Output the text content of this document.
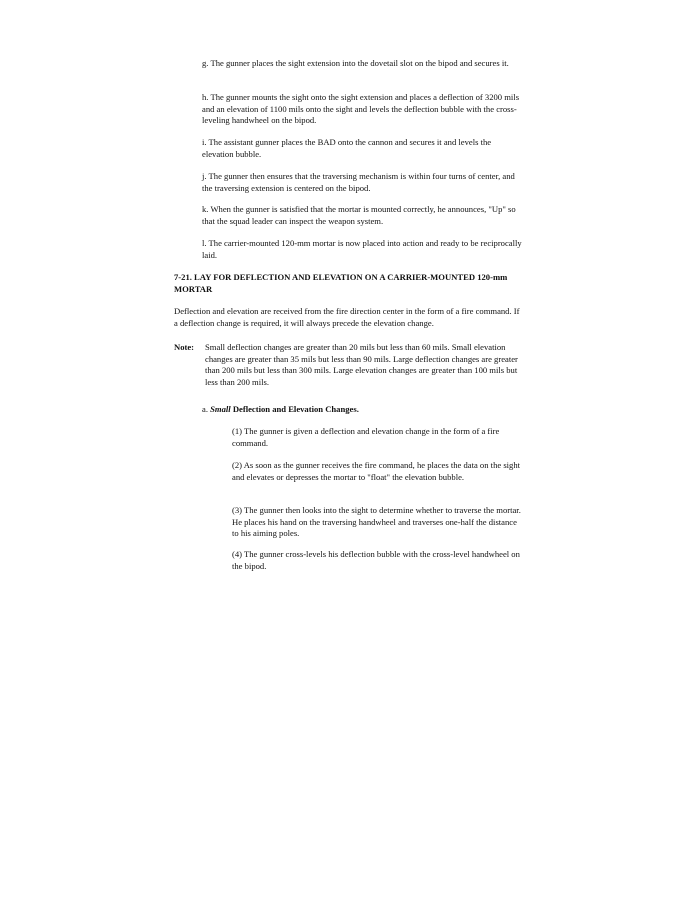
g. The gunner places the sight extension into the dovetail slot on the bipod and secures it.

h. The gunner mounts the sight onto the sight extension and places a deflection of 3200 mils and an elevation of 1100 mils onto the sight and levels the deflection bubble with the cross-leveling handwheel on the bipod.

i. The assistant gunner places the BAD onto the cannon and secures it and levels the elevation bubble.

j. The gunner then ensures that the traversing mechanism is within four turns of center, and the traversing extension is centered on the bipod.

k. When the gunner is satisfied that the mortar is mounted correctly, he announces, "Up" so that the squad leader can inspect the weapon system.

l. The carrier-mounted 120-mm mortar is now placed into action and ready to be reciprocally laid.

7-21. LAY FOR DEFLECTION AND ELEVATION ON A CARRIER-MOUNTED 120-mm MORTAR

Deflection and elevation are received from the fire direction center in the form of a fire command. If a deflection change is required, it will always precede the elevation change.

Note: Small deflection changes are greater than 20 mils but less than 60 mils. Small elevation changes are greater than 35 mils but less than 90 mils. Large deflection changes are greater than 200 mils but less than 300 mils. Large elevation changes are greater than 100 mils but less than 200 mils.

a. Small Deflection and Elevation Changes.

(1) The gunner is given a deflection and elevation change in the form of a fire command.

(2) As soon as the gunner receives the fire command, he places the data on the sight and elevates or depresses the mortar to "float" the elevation bubble.

(3) The gunner then looks into the sight to determine whether to traverse the mortar. He places his hand on the traversing handwheel and traverses one-half the distance to his aiming poles.

(4) The gunner cross-levels his deflection bubble with the cross-level handwheel on the bipod.
